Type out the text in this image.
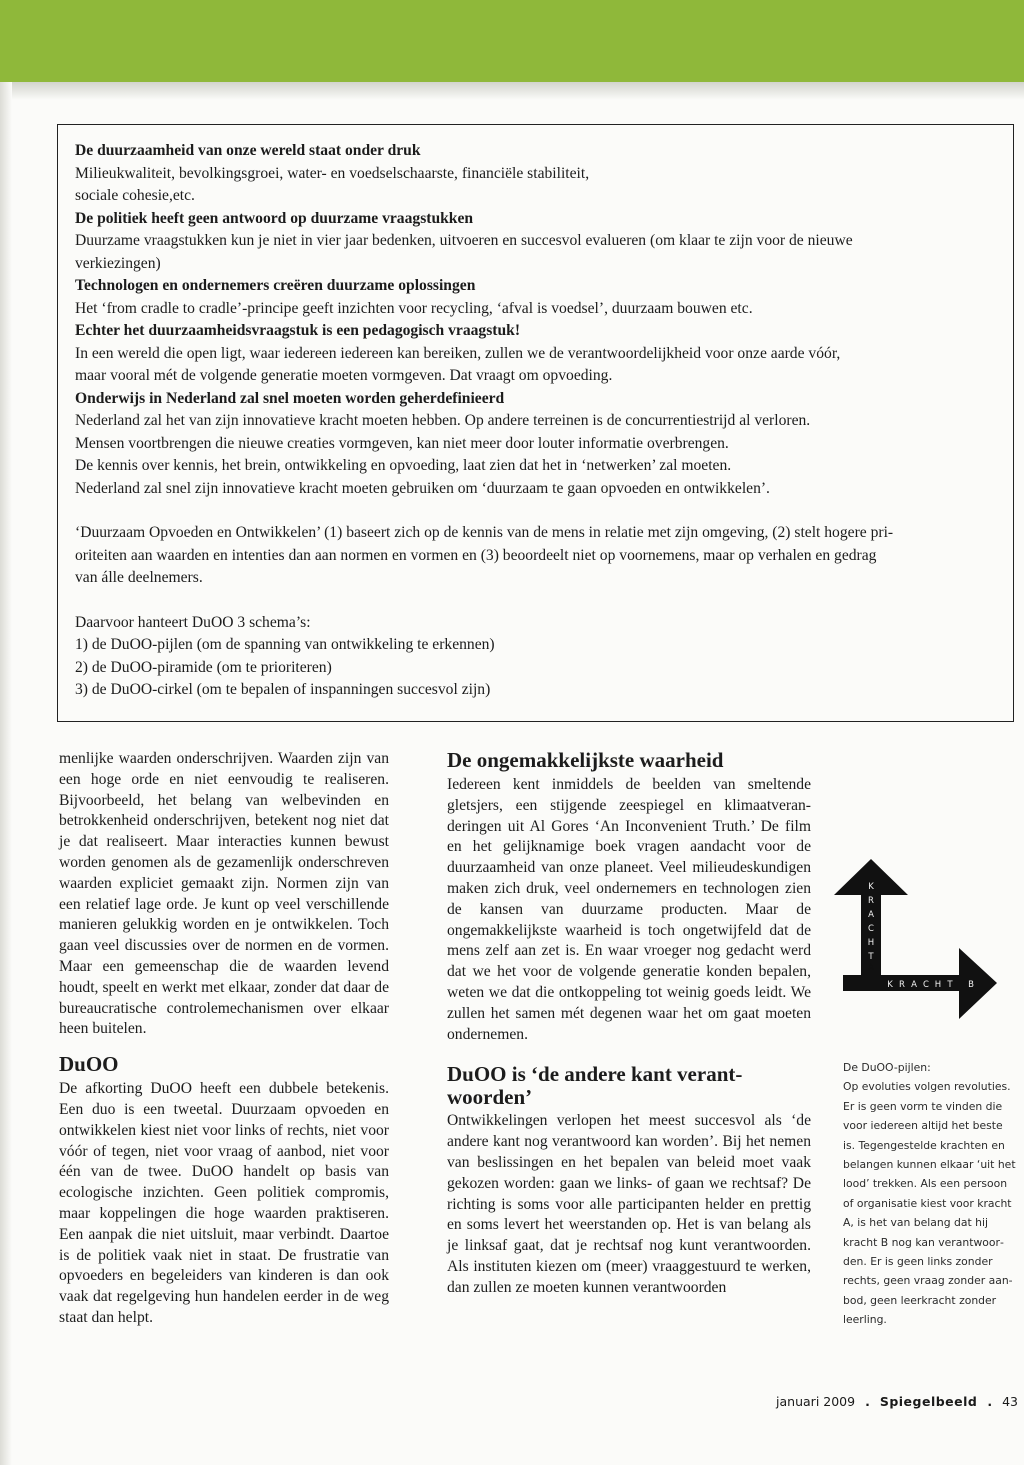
De duurzaamheid van onze wereld staat onder druk

Milieukwaliteit, bevolkingsgroei, water- en voedselschaarste, financiële stabiliteit,

sociale cohesie,etc.

De politiek heeft geen antwoord op duurzame vraagstukken

Duurzame vraagstukken kun je niet in vier jaar bedenken, uitvoeren en succesvol evalueren (om klaar te zijn voor de nieuwe

verkiezingen)

Technologen en ondernemers creëren duurzame oplossingen

Het ‘from cradle to cradle’-principe geeft inzichten voor recycling, ‘afval is voedsel’, duurzaam bouwen etc.

Echter het duurzaamheidsvraagstuk is een pedagogisch vraagstuk!

In een wereld die open ligt, waar iedereen iedereen kan bereiken, zullen we de verantwoordelijkheid voor onze aarde vóór,

maar vooral mét de volgende generatie moeten vormgeven. Dat vraagt om opvoeding.

Onderwijs in Nederland zal snel moeten worden geherdefinieerd

Nederland zal het van zijn innovatieve kracht moeten hebben. Op andere terreinen is de concurrentiestrijd al verloren.

Mensen voortbrengen die nieuwe creaties vormgeven, kan niet meer door louter informatie overbrengen.

De kennis over kennis, het brein, ontwikkeling en opvoeding, laat zien dat het in ‘netwerken’ zal moeten.

Nederland zal snel zijn innovatieve kracht moeten gebruiken om ‘duurzaam te gaan opvoeden en ontwikkelen’.

‘Duurzaam Opvoeden en Ontwikkelen’ (1) baseert zich op de kennis van de mens in relatie met zijn omgeving, (2) stelt hogere pri-

oriteiten aan waarden en intenties dan aan normen en vormen en (3) beoordeelt niet op voornemens, maar op verhalen en gedrag

van álle deelnemers.

Daarvoor hanteert DuOO 3 schema’s:

1) de DuOO-pijlen (om de spanning van ontwikkeling te erkennen)

2) de DuOO-piramide (om te prioriteren)

3) de DuOO-cirkel (om te bepalen of inspanningen succesvol zijn)

menlijke waarden onderschrijven. Waarden zijn van een hoge orde en niet eenvoudig te realiseren. Bijvoorbeeld, het belang van welbevinden en betrokkenheid onderschrijven, betekent nog niet dat je dat realiseert. Maar interacties kunnen bewust worden genomen als de gezamenlijk onderschreven waarden expliciet gemaakt zijn. Normen zijn van een relatief lage orde. Je kunt op veel verschillende manieren gelukkig worden en je ontwikkelen. Toch gaan veel discussies over de normen en de vormen. Maar een gemeenschap die de waarden levend houdt, speelt en werkt met elkaar, zonder dat daar de bureaucratische controlemechanismen over elkaar heen buitelen.

DuOO

De afkorting DuOO heeft een dubbele betekenis. Een duo is een tweetal. Duurzaam opvoeden en ontwikkelen kiest niet voor links of rechts, niet voor vóór of tegen, niet voor vraag of aanbod, niet voor één van de twee. DuOO handelt op basis van ecologische inzichten. Geen politiek compromis, maar koppelingen die hoge waarden praktiseren. Een aanpak die niet uitsluit, maar verbindt. Daartoe is de politiek vaak niet in staat. De frustratie van opvoeders en begeleiders van kinderen is dan ook vaak dat regelgeving hun handelen eerder in de weg staat dan helpt.

De ongemakkelijkste waarheid

Iedereen kent inmiddels de beelden van smeltende gletsjers, een stijgende zeespiegel en klimaatveranderingen uit Al Gores ‘An Inconvenient Truth.’ De film en het gelijknamige boek vragen aandacht voor de duurzaamheid van onze planeet. Veel milieudeskundigen maken zich druk, veel ondernemers en technologen zien de kansen van duurzame producten. Maar de ongemakkelijkste waarheid is toch ongetwijfeld dat de mens zelf aan zet is. En waar vroeger nog gedacht werd dat we het voor de volgende generatie konden bepalen, weten we dat die ontkoppeling tot weinig goeds leidt. We zullen het samen mét degenen waar het om gaat moeten ondernemen.

DuOO is ‘de andere kant verantwoorden’

Ontwikkelingen verlopen het meest succesvol als ‘de andere kant nog verantwoord kan worden’. Bij het nemen van beslissingen en het bepalen van beleid moet vaak gekozen worden: gaan we links- of gaan we rechtsaf? De richting is soms voor alle participanten helder en prettig en soms levert het weerstanden op. Het is van belang als je linksaf gaat, dat je rechtsaf nog kunt verantwoorden. Als instituten kiezen om (meer) vraaggestuurd te werken, dan zullen ze moeten kunnen verantwoorden

K
R
A
C
H
T
A
K R A C H T B

De DuOO-pijlen:

Op evoluties volgen revoluties. Er is geen vorm te vinden die voor iedereen altijd het beste is. Tegengestelde krachten en belangen kunnen elkaar ‘uit het lood’ trekken. Als een persoon of organisatie kiest voor kracht A, is het van belang dat hij kracht B nog kan verantwoorden. Er is geen links zonder rechts, geen vraag zonder aanbod, geen leerkracht zonder leerling.

januari 2009 . Spiegelbeeld . 43
